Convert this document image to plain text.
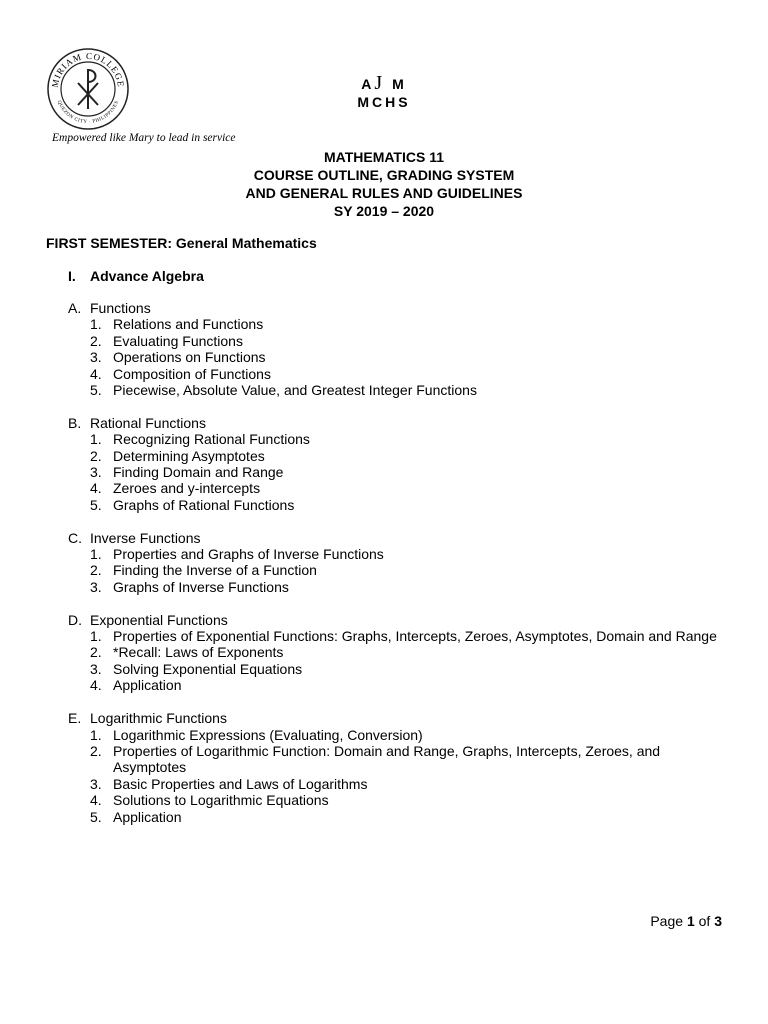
MIRIAM COLLEGE
QUEZON CITY · PHILIPPINES
Empowered like Mary to lead in service
AJ M
MCHS
MATHEMATICS 11
COURSE OUTLINE, GRADING SYSTEM
AND GENERAL RULES AND GUIDELINES
SY 2019 – 2020
FIRST SEMESTER: General Mathematics
I. Advance Algebra
A. Functions
1. Relations and Functions
2. Evaluating Functions
3. Operations on Functions
4. Composition of Functions
5. Piecewise, Absolute Value, and Greatest Integer Functions
B. Rational Functions
1. Recognizing Rational Functions
2. Determining Asymptotes
3. Finding Domain and Range
4. Zeroes and y-intercepts
5. Graphs of Rational Functions
C. Inverse Functions
1. Properties and Graphs of Inverse Functions
2. Finding the Inverse of a Function
3. Graphs of Inverse Functions
D. Exponential Functions
1. Properties of Exponential Functions: Graphs, Intercepts, Zeroes, Asymptotes, Domain and Range
2. *Recall: Laws of Exponents
3. Solving Exponential Equations
4. Application
E. Logarithmic Functions
1. Logarithmic Expressions (Evaluating, Conversion)
2. Properties of Logarithmic Function: Domain and Range, Graphs, Intercepts, Zeroes, and Asymptotes
3. Basic Properties and Laws of Logarithms
4. Solutions to Logarithmic Equations
5. Application
Page 1 of 3
